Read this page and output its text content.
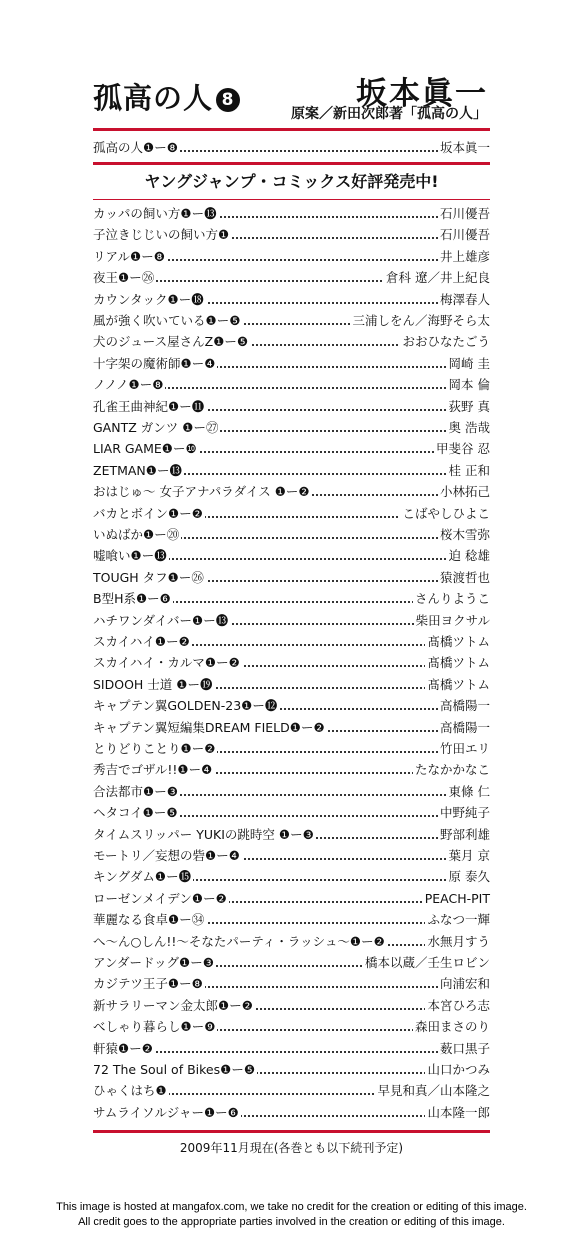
孤高の人 8	坂本眞一
原案／新田次郎著「孤高の人」
孤高の人❶ー❽	坂本眞一
ヤングジャンプ・コミックス好評発売中!
カッパの飼い方❶ー⓭	石川優吾
子泣きじじいの飼い方❶	石川優吾
リアル❶ー❽	井上雄彦
夜王❶ー㉖	倉科 遼／井上紀良
カウンタック❶ー⓲	梅澤春人
風が強く吹いている❶ー❺	三浦しをん／海野そら太
犬のジュース屋さんZ❶ー❺	おおひなたごう
十字架の魔術師❶ー❹	岡崎 圭
ノノノ❶ー❽	岡本 倫
孔雀王曲神紀❶ー⓫	荻野 真
GANTZ ガンツ ❶ー㉗	奥 浩哉
LIAR GAME❶ー❿	甲斐谷 忍
ZETMAN❶ー⓭	桂 正和
おはじゅ〜 女子アナパラダイス ❶ー❷	小林拓己
バカとボイン❶ー❷	こばやしひよこ
いぬばか❶ー⑳	桜木雪弥
嘘喰い❶ー⓭	迫 稔雄
TOUGH タフ❶ー㉖	猿渡哲也
B型H系❶ー❻	さんりようこ
ハチワンダイバー❶ー⓭	柴田ヨクサル
スカイハイ❶ー❷	髙橋ツトム
スカイハイ・カルマ❶ー❷	髙橋ツトム
SIDOOH 士道 ❶ー⓳	髙橋ツトム
キャプテン翼GOLDEN-23❶ー⓬	高橋陽一
キャプテン翼短編集DREAM FIELD❶ー❷	高橋陽一
とりどりことり❶ー❷	竹田エリ
秀吉でゴザル!!❶ー❹	たなかかなこ
合法都市❶ー❸	東條 仁
ヘタコイ❶ー❺	中野純子
タイムスリッパー YUKIの跳時空 ❶ー❸	野部利雄
モートリ／妄想の砦❶ー❹	葉月 京
キングダム❶ー⓯	原 泰久
ローゼンメイデン❶ー❷	PEACH-PIT
華麗なる食卓❶ー㉞	ふなつ一輝
へ〜ん○しん!!〜そなたパーティ・ラッシュ〜❶ー❷	水無月すう
アンダードッグ❶ー❸	橋本以蔵／壬生ロビン
カジテツ王子❶ー❽	向浦宏和
新サラリーマン金太郎❶ー❷	本宮ひろ志
べしゃり暮らし❶ー❾	森田まさのり
軒猿❶ー❷	薮口黒子
72 The Soul of Bikes❶ー❺	山口かつみ
ひゃくはち❶	早見和真／山本隆之
サムライソルジャー❶ー❻	山本隆一郎
2009年11月現在(各巻とも以下続刊予定)
This image is hosted at mangafox.com, we take no credit for the creation or editing of this image.
All credit goes to the appropriate parties involved in the creation or editing of this image.
